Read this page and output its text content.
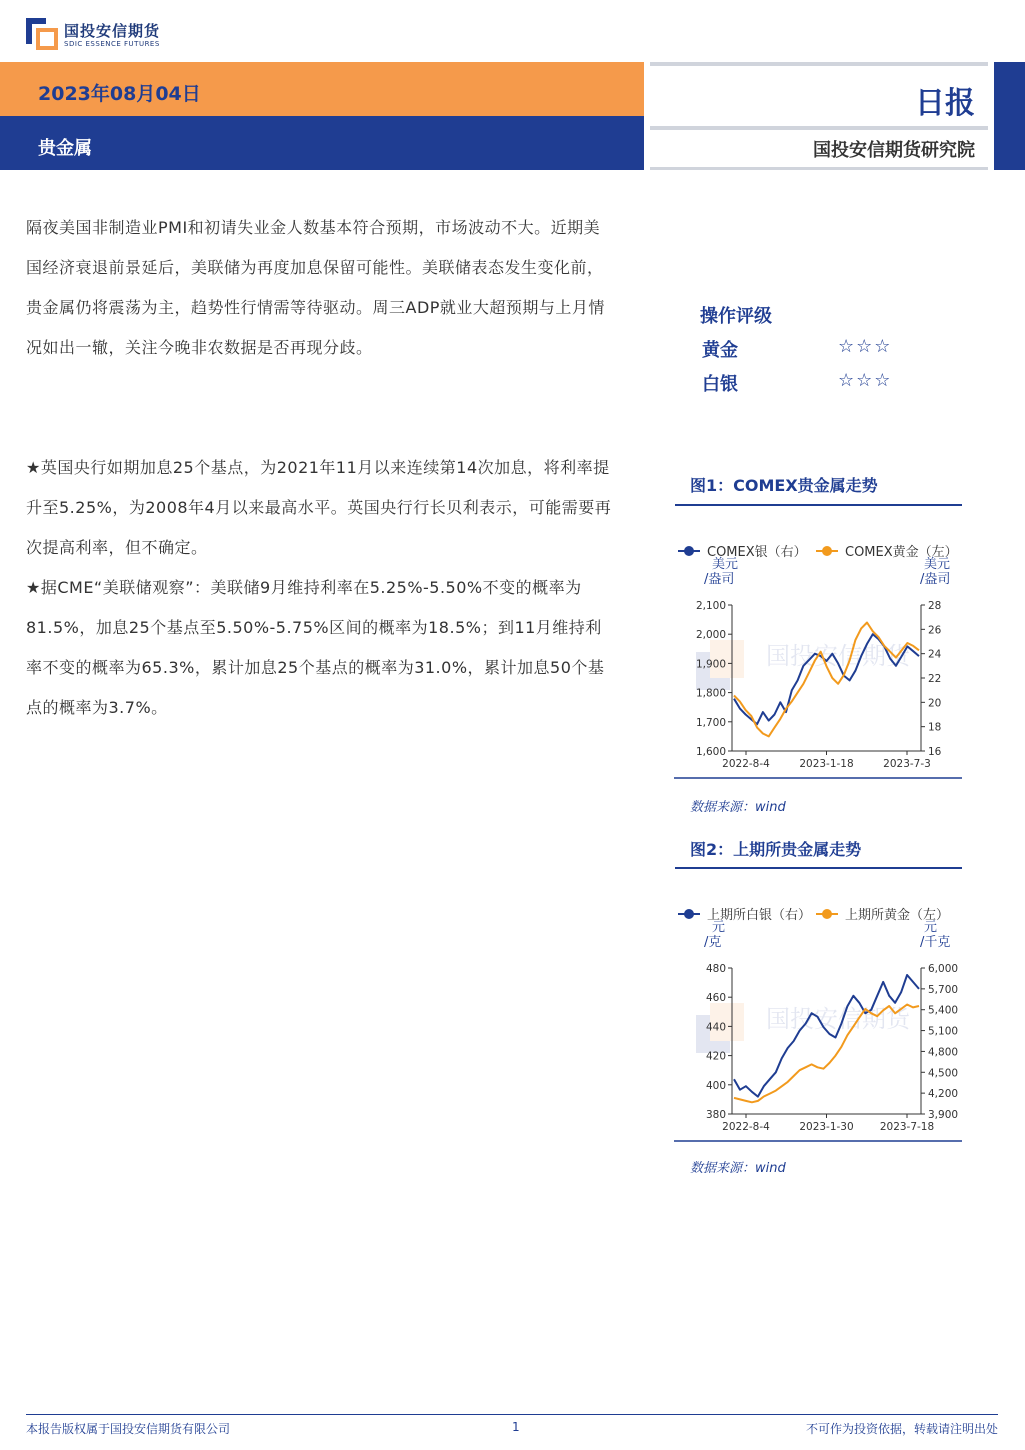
国投安信期货
SDIC ESSENCE FUTURES
2023年08月04日
贵金属
日报
国投安信期货研究院
隔夜美国非制造业PMI和初请失业金人数基本符合预期，市场波动不大。近期美国经济衰退前景延后，美联储为再度加息保留可能性。美联储表态发生变化前，贵金属仍将震荡为主，趋势性行情需等待驱动。周三ADP就业大超预期与上月情况如出一辙，关注今晚非农数据是否再现分歧。
★英国央行如期加息25个基点，为2021年11月以来连续第14次加息，将利率提升至5.25%，为2008年4月以来最高水平。英国央行行长贝利表示，可能需要再次提高利率，但不确定。
★据CME“美联储观察”：美联储9月维持利率在5.25%-5.50%不变的概率为81.5%，加息25个基点至5.50%-5.75%区间的概率为18.5%；到11月维持利率不变的概率为65.3%，累计加息25个基点的概率为31.0%，累计加息50个基点的概率为3.7%。
操作评级
黄金	☆☆☆
白银	☆☆☆
图1：COMEX贵金属走势
COMEX银（右）	COMEX黄金（左）
美元
/盎司
美元
/盎司
国投安信期货
1,600
1,700
1,800
1,900
2,000
2,100
16
18
20
22
24
26
28
2022-8-4	2023-1-18	2023-7-3
数据来源：wind
图2：上期所贵金属走势
上期所白银（右）	上期所黄金（左）
元
/克
元
/千克
国投安信期货
380
400
420
440
460
480
3,900
4,200
4,500
4,800
5,100
5,400
5,700
6,000
2022-8-4	2023-1-30 2023-7-18
数据来源：wind
本报告版权属于国投安信期货有限公司	1	不可作为投资依据，转载请注明出处
